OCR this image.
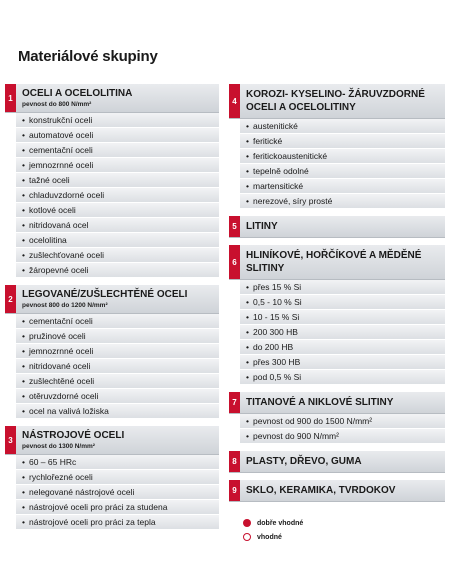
Materiálové skupiny
1 OCELI A OCELOLITINA
pevnost do 800 N/mm²
• konstrukční oceli
• automatové oceli
• cementační oceli
• jemnozrnné oceli
• tažné oceli
• chladuvzdorné oceli
• kotlové oceli
• nitridovaná ocel
• ocelolitina
• zušlechťované oceli
• žáropevné oceli
2 LEGOVANÉ/ZUŠLECHTĚNÉ OCELI
pevnost 800 do 1200 N/mm²
• cementační oceli
• pružinové oceli
• jemnozrnné oceli
• nitridované oceli
• zušlechtěné oceli
• otěruvzdorné oceli
• ocel na valivá ložiska
3 NÁSTROJOVÉ OCELI
pevnost do 1300 N/mm²
• 60 – 65 HRc
• rychlořezné oceli
• nelegované nástrojové oceli
• nástrojové oceli pro práci za studena
• nástrojové oceli pro práci za tepla
4
KOROZI- KYSELINO- ŽÁRUVZDORNÉ OCELI A OCELOLITINY
• austenitické
• feritické
• feritickoaustenitické
• tepelně odolné
• martensitické
• nerezové, síry prosté
5 LITINY
6
HLINÍKOVÉ, HOŘČÍKOVÉ A MĚDĚNÉ SLITINY
• přes 15 % Si
• 0,5 - 10 % Si
• 10 - 15 % Si
• 200 300 HB
• do 200 HB
• přes 300 HB
• pod 0,5 % Si
7 TITANOVÉ A NIKLOVÉ SLITINY
• pevnost od 900 do 1500 N/mm²
• pevnost do 900 N/mm²
8 PLASTY, DŘEVO, GUMA
9 SKLO, KERAMIKA, TVRDOKOV
dobře vhodné
vhodné
